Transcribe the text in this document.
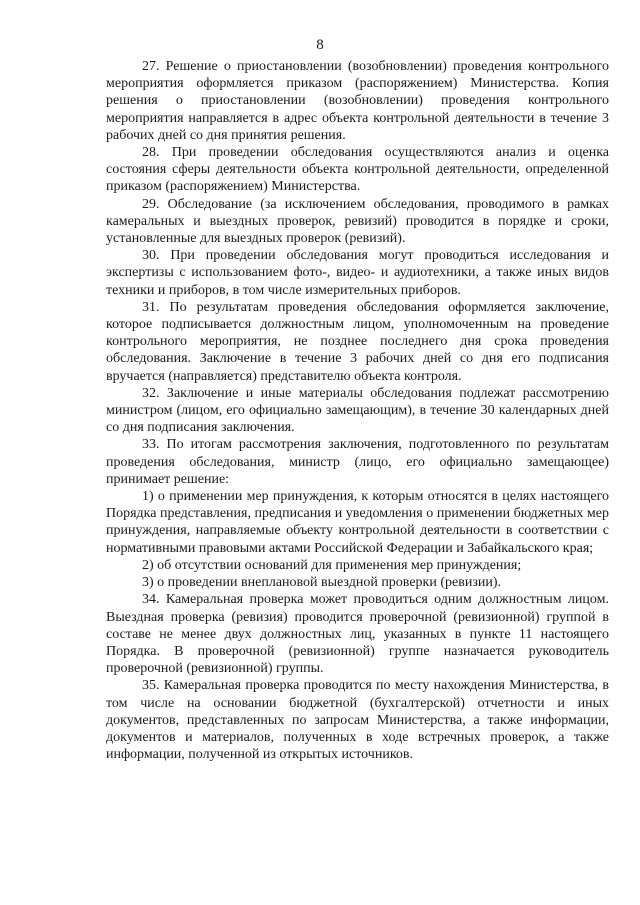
8

27. Решение о приостановлении (возобновлении) проведения контрольного мероприятия оформляется приказом (распоряжением) Министерства. Копия решения о приостановлении (возобновлении) проведения контрольного мероприятия направляется в адрес объекта контрольной деятельности в течение 3 рабочих дней со дня принятия решения.

28. При проведении обследования осуществляются анализ и оценка состояния сферы деятельности объекта контрольной деятельности, определенной приказом (распоряжением) Министерства.

29. Обследование (за исключением обследования, проводимого в рамках камеральных и выездных проверок, ревизий) проводится в порядке и сроки, установленные для выездных проверок (ревизий).

30. При проведении обследования могут проводиться исследования и экспертизы с использованием фото-, видео- и аудиотехники, а также иных видов техники и приборов, в том числе измерительных приборов.

31. По результатам проведения обследования оформляется заключение, которое подписывается должностным лицом, уполномоченным на проведение контрольного мероприятия, не позднее последнего дня срока проведения обследования. Заключение в течение 3 рабочих дней со дня его подписания вручается (направляется) представителю объекта контроля.

32. Заключение и иные материалы обследования подлежат рассмотрению министром (лицом, его официально замещающим), в течение 30 календарных дней со дня подписания заключения.

33. По итогам рассмотрения заключения, подготовленного по результатам проведения обследования, министр (лицо, его официально замещающее) принимает решение:

1) о применении мер принуждения, к которым относятся в целях настоящего Порядка представления, предписания и уведомления о применении бюджетных мер принуждения, направляемые объекту контрольной деятельности в соответствии с нормативными правовыми актами Российской Федерации и Забайкальского края;

2) об отсутствии оснований для применения мер принуждения;

3) о проведении внеплановой выездной проверки (ревизии).

34. Камеральная проверка может проводиться одним должностным лицом. Выездная проверка (ревизия) проводится проверочной (ревизионной) группой в составе не менее двух должностных лиц, указанных в пункте 11 настоящего Порядка. В проверочной (ревизионной) группе назначается руководитель проверочной (ревизионной) группы.

35. Камеральная проверка проводится по месту нахождения Министерства, в том числе на основании бюджетной (бухгалтерской) отчетности и иных документов, представленных по запросам Министерства, а также информации, документов и материалов, полученных в ходе встречных проверок, а также информации, полученной из открытых источников.
